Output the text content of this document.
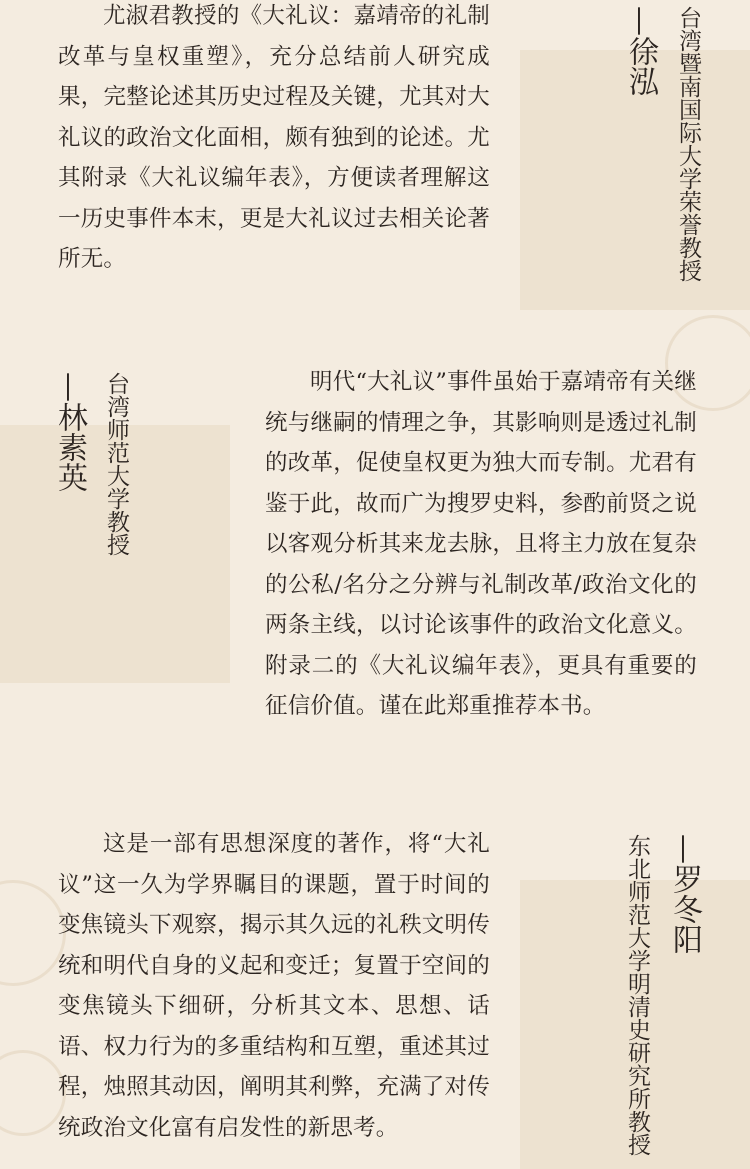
尤淑君教授的《大礼议：嘉靖帝的礼制改革与皇权重塑》，充分总结前人研究成果，完整论述其历史过程及关键，尤其对大礼议的政治文化面相，颇有独到的论述。尤其附录《大礼议编年表》，方便读者理解这一历史事件本末，更是大礼议过去相关论著所无。

—徐泓 台湾暨南国际大学荣誉教授

明代“大礼议”事件虽始于嘉靖帝有关继统与继嗣的情理之争，其影响则是透过礼制的改革，促使皇权更为独大而专制。尤君有鉴于此，故而广为搜罗史料，参酌前贤之说以客观分析其来龙去脉，且将主力放在复杂的公私/名分之分辨与礼制改革/政治文化的两条主线，以讨论该事件的政治文化意义。附录二的《大礼议编年表》，更具有重要的征信价值。谨在此郑重推荐本书。

—林素英 台湾师范大学教授

这是一部有思想深度的著作，将“大礼议”这一久为学界瞩目的课题，置于时间的变焦镜头下观察，揭示其久远的礼秩文明传统和明代自身的义起和变迁；复置于空间的变焦镜头下细研，分析其文本、思想、话语、权力行为的多重结构和互塑，重述其过程，烛照其动因，阐明其利弊，充满了对传统政治文化富有启发性的新思考。	东北师范大学明清史研究所教授 —罗冬阳
